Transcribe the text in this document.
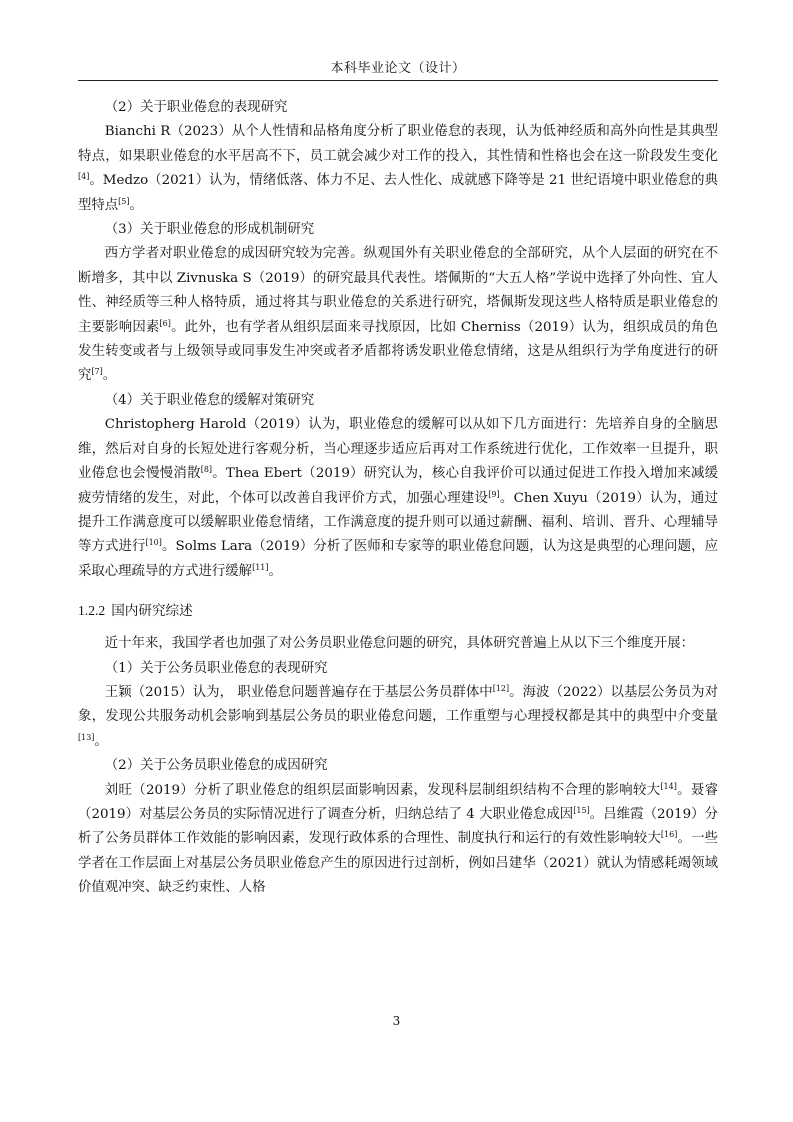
本科毕业论文（设计）

（2）关于职业倦怠的表现研究

Bianchi R（2023）从个人性情和品格角度分析了职业倦怠的表现，认为低神经质和高外向性是其典型特点，如果职业倦怠的水平居高不下，员工就会减少对工作的投入，其性情和性格也会在这一阶段发生变化[4]。Medzo（2021）认为，情绪低落、体力不足、去人性化、成就感下降等是 21 世纪语境中职业倦怠的典型特点[5]。

（3）关于职业倦怠的形成机制研究

西方学者对职业倦怠的成因研究较为完善。纵观国外有关职业倦怠的全部研究，从个人层面的研究在不断增多，其中以 Zivnuska S（2019）的研究最具代表性。塔佩斯的“大五人格”学说中选择了外向性、宜人性、神经质等三种人格特质，通过将其与职业倦怠的关系进行研究，塔佩斯发现这些人格特质是职业倦怠的主要影响因素[6]。此外，也有学者从组织层面来寻找原因，比如 Cherniss（2019）认为，组织成员的角色发生转变或者与上级领导或同事发生冲突或者矛盾都将诱发职业倦怠情绪，这是从组织行为学角度进行的研究[7]。

（4）关于职业倦怠的缓解对策研究

Christopherg Harold（2019）认为，职业倦怠的缓解可以从如下几方面进行：先培养自身的全脑思维，然后对自身的长短处进行客观分析，当心理逐步适应后再对工作系统进行优化，工作效率一旦提升，职业倦怠也会慢慢消散[8]。Thea Ebert（2019）研究认为，核心自我评价可以通过促进工作投入增加来减缓疲劳情绪的发生，对此，个体可以改善自我评价方式，加强心理建设[9]。Chen Xuyu（2019）认为，通过提升工作满意度可以缓解职业倦怠情绪，工作满意度的提升则可以通过薪酬、福利、培训、晋升、心理辅导等方式进行[10]。Solms Lara（2019）分析了医师和专家等的职业倦怠问题，认为这是典型的心理问题，应采取心理疏导的方式进行缓解[11]。

1.2.2 国内研究综述

近十年来，我国学者也加强了对公务员职业倦怠问题的研究，具体研究普遍上从以下三个维度开展：

（1）关于公务员职业倦怠的表现研究

王颖（2015）认为， 职业倦怠问题普遍存在于基层公务员群体中[12]。海波（2022）以基层公务员为对象，发现公共服务动机会影响到基层公务员的职业倦怠问题，工作重塑与心理授权都是其中的典型中介变量[13]。

（2）关于公务员职业倦怠的成因研究

刘旺（2019）分析了职业倦怠的组织层面影响因素，发现科层制组织结构不合理的影响较大[14]。聂睿（2019）对基层公务员的实际情况进行了调查分析，归纳总结了 4 大职业倦怠成因[15]。吕维霞（2019）分析了公务员群体工作效能的影响因素，发现行政体系的合理性、制度执行和运行的有效性影响较大[16]。一些学者在工作层面上对基层公务员职业倦怠产生的原因进行过剖析，例如吕建华（2021）就认为情感耗竭领域价值观冲突、缺乏约束性、人格

3
